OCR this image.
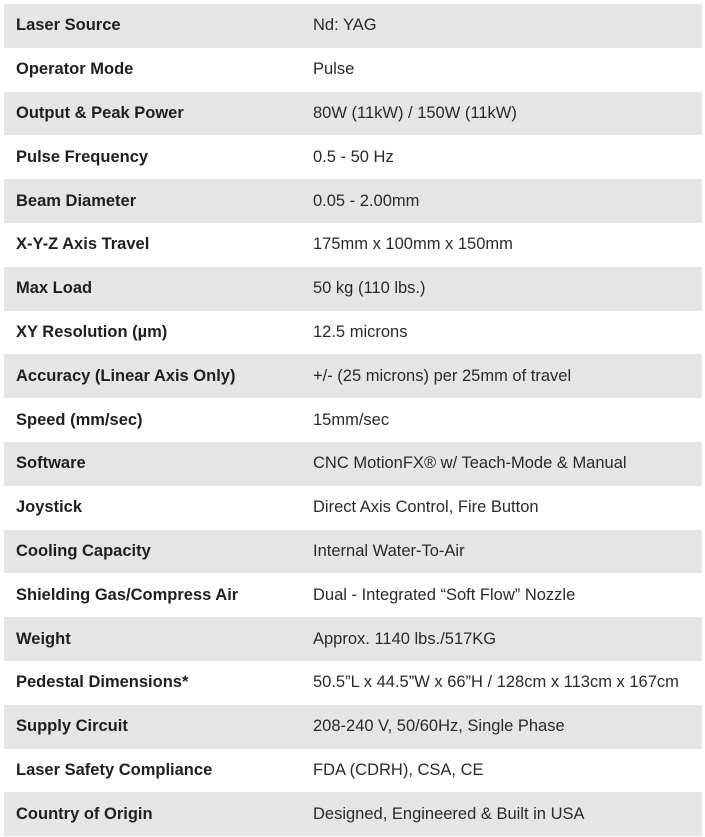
Laser Source	Nd: YAG
Operator Mode	Pulse
Output & Peak Power	80W (11kW) / 150W (11kW)
Pulse Frequency	0.5 - 50 Hz
Beam Diameter	0.05 - 2.00mm
X-Y-Z Axis Travel	175mm x 100mm x 150mm
Max Load	50 kg (110 lbs.)
XY Resolution (µm)	12.5 microns
Accuracy (Linear Axis Only)	+/- (25 microns) per 25mm of travel
Speed (mm/sec)	15mm/sec
Software	CNC MotionFX® w/ Teach-Mode & Manual
Joystick	Direct Axis Control, Fire Button
Cooling Capacity	Internal Water-To-Air
Shielding Gas/Compress Air	Dual - Integrated “Soft Flow” Nozzle
Weight	Approx. 1140 lbs./517KG
Pedestal Dimensions*	50.5”L x 44.5”W x 66”H / 128cm x 113cm x 167cm
Supply Circuit	208-240 V, 50/60Hz, Single Phase
Laser Safety Compliance	FDA (CDRH), CSA, CE
Country of Origin	Designed, Engineered & Built in USA
